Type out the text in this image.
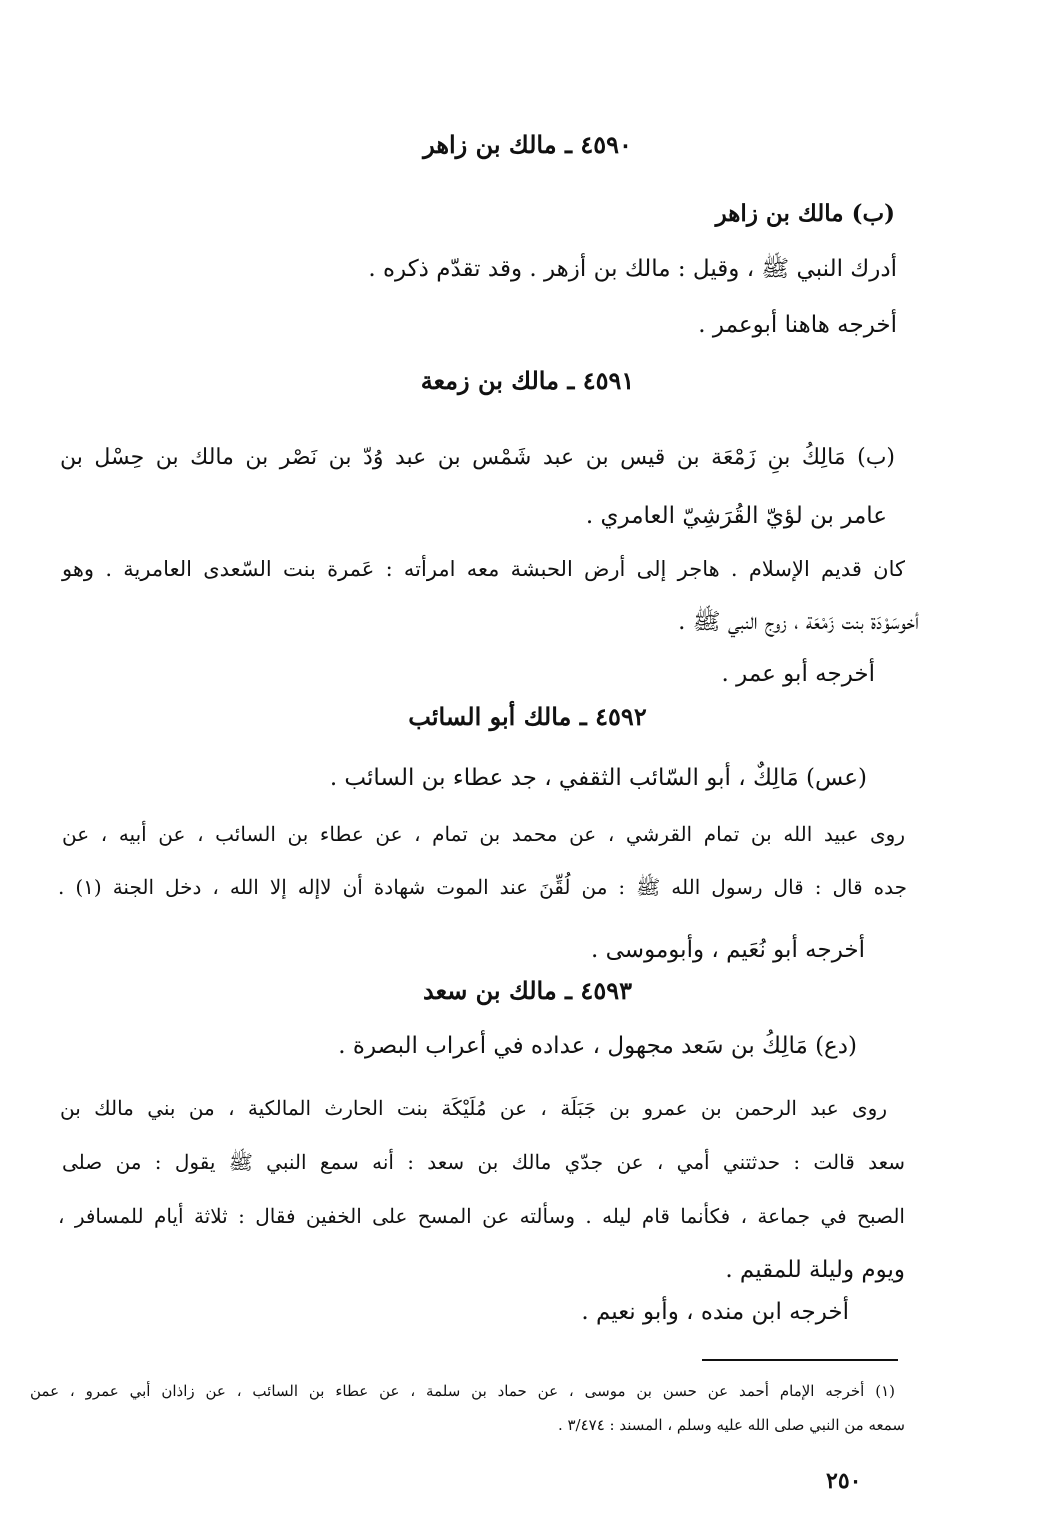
٤٥٩٠ ـ مالك بن زاهر
(ب) مالك بن زاهر
أدرك النبي ﷺ ، وقيل : مالك بن أزهر . وقد تقدّم ذكره .
أخرجه هاهنا أبوعمر .
٤٥٩١ ـ مالك بن زمعة
(ب) مَالِكُ بنِ زَمْعَة بن قيس بن عبد شَمْس بن عبد وُدّ بن نَصْر بن مالك بن حِسْل بن
عامر بن لؤيّ القُرَشِيّ العامري .
كان قديم الإسلام . هاجر إلى أرض الحبشة معه امرأته : عَمرة بنت السّعدى العامرية . وهو
أخوسَوْدَة بنت زَمْعَة ، زوج النبي ﷺ .
أخرجه أبو عمر .
٤٥٩٢ ـ مالك أبو السائب
(عس) مَالِكٌ ، أبو السّائب الثقفي ، جد عطاء بن السائب .
روى عبيد الله بن تمام القرشي ، عن محمد بن تمام ، عن عطاء بن السائب ، عن أبيه ، عن
جده قال : قال رسول الله ﷺ : من لُقِّنَ عند الموت شهادة أن لاإله إلا الله ، دخل الجنة (١) .
أخرجه أبو نُعَيم ، وأبوموسى .
٤٥٩٣ ـ مالك بن سعد
(دع) مَالِكُ بن سَعد مجهول ، عداده في أعراب البصرة .
روى عبد الرحمن بن عمرو بن جَبَلَة ، عن مُلَيْكَة بنت الحارث المالكية ، من بني مالك بن
سعد قالت : حدثتني أمي ، عن جدّي مالك بن سعد : أنه سمع النبي ﷺ يقول : من صلى
الصبح في جماعة ، فكأنما قام ليله . وسألته عن المسح على الخفين فقال : ثلاثة أيام للمسافر ،
ويوم وليلة للمقيم .
أخرجه ابن منده ، وأبو نعيم .
(١) أخرجه الإمام أحمد عن حسن بن موسى ، عن حماد بن سلمة ، عن عطاء بن السائب ، عن زاذان أبي عمرو ، عمن
سمعه من النبي صلى الله عليه وسلم ، المسند : ٣/٤٧٤ .
٢٥٠
